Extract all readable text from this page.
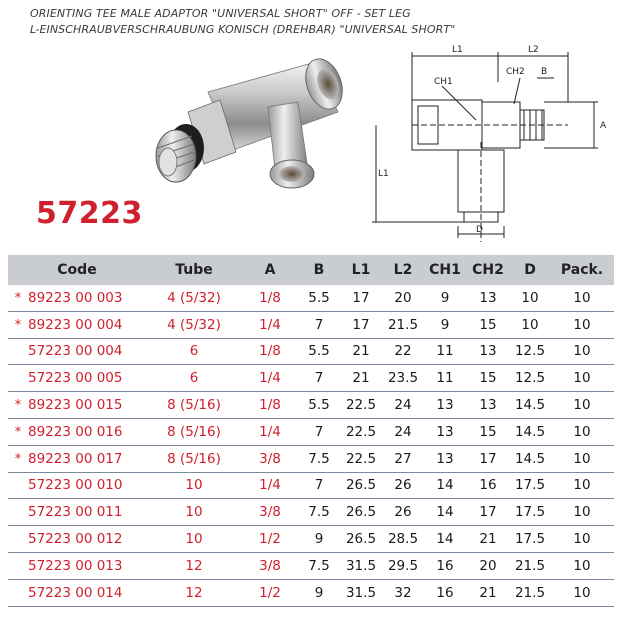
ORIENTING TEE MALE ADAPTOR "UNIVERSAL SHORT" OFF - SET LEG
L-EINSCHRAUBVERSCHRAUBUNG KONISCH (DREHBAR) "UNIVERSAL SHORT"
L1	L2
CH1
CH2 B
A
L1
D
57223
Code	Tube	A	B	L1	L2	CH1	CH2	D	Pack.
* 89223 00 003	4 (5/32)	1/8	5.5	17	20	9	13	10	10
* 89223 00 004	4 (5/32)	1/4	7	17	21.5	9	15	10	10
57223 00 004	6	1/8	5.5	21	22	11	13	12.5	10
57223 00 005	6	1/4	7	21	23.5	11	15	12.5	10
* 89223 00 015	8 (5/16)	1/8	5.5	22.5	24	13	13	14.5	10
* 89223 00 016	8 (5/16)	1/4	7	22.5	24	13	15	14.5	10
* 89223 00 017	8 (5/16)	3/8	7.5	22.5	27	13	17	14.5	10
57223 00 010	10	1/4	7	26.5	26	14	16	17.5	10
57223 00 011	10	3/8	7.5	26.5	26	14	17	17.5	10
57223 00 012	10	1/2	9	26.5	28.5	14	21	17.5	10
57223 00 013	12	3/8	7.5	31.5	29.5	16	20	21.5	10
57223 00 014	12	1/2	9	31.5	32	16	21	21.5	10
